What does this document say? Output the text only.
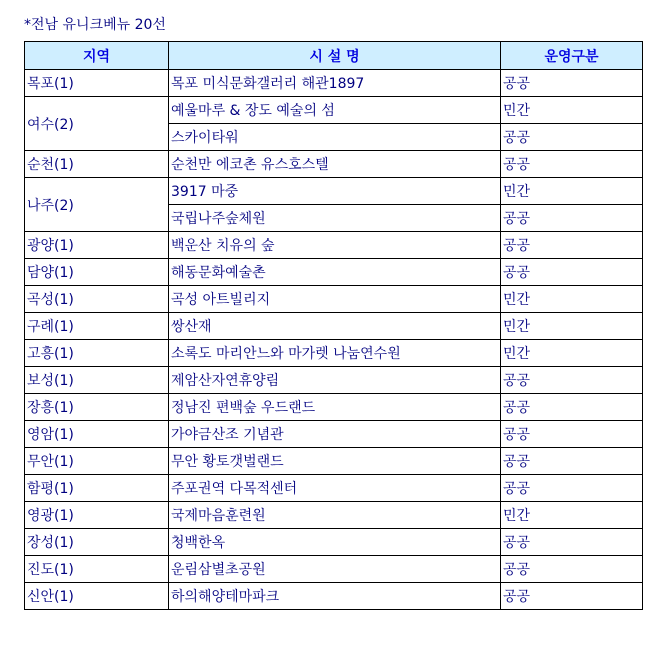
*전남 유니크베뉴 20선
지역	시 설 명	운영구분
목포(1)	목포 미식문화갤러리 해관1897	공공
여수(2)	예울마루 & 장도 예술의 섬	민간
	스카이타워	공공
순천(1)	순천만 에코촌 유스호스텔	공공
나주(2)	3917 마중	민간
	국립나주숲체원	공공
광양(1)	백운산 치유의 숲	공공
담양(1)	해동문화예술촌	공공
곡성(1)	곡성 아트빌리지	민간
구례(1)	쌍산재	민간
고흥(1)	소록도 마리안느와 마가렛 나눔연수원	민간
보성(1)	제암산자연휴양림	공공
장흥(1)	정남진 편백숲 우드랜드	공공
영암(1)	가야금산조 기념관	공공
무안(1)	무안 황토갯벌랜드	공공
함평(1)	주포권역 다목적센터	공공
영광(1)	국제마음훈련원	민간
장성(1)	청백한옥	공공
진도(1)	운림삼별초공원	공공
신안(1)	하의해양테마파크	공공
